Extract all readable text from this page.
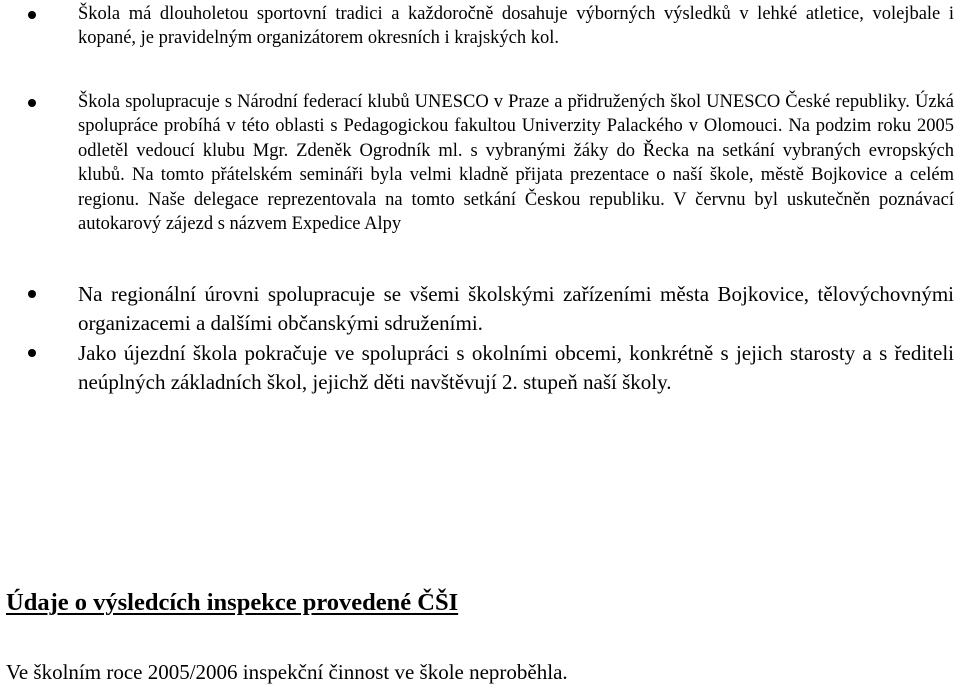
Škola má dlouholetou sportovní tradici a každoročně dosahuje výborných výsledků v lehké atletice, volejbale i kopané, je pravidelným organizátorem okresních i krajských kol.
Škola spolupracuje s Národní federací klubů UNESCO v Praze a přidružených škol UNESCO České republiky. Úzká spolupráce probíhá v této oblasti s Pedagogickou fakultou Univerzity Palackého v Olomouci. Na podzim roku 2005 odletěl vedoucí klubu Mgr. Zdeněk Ogrodník ml. s vybranými žáky do Řecka na setkání vybraných evropských klubů. Na tomto přátelském semináři byla velmi kladně přijata prezentace o naší škole, městě Bojkovice a celém regionu. Naše delegace reprezentovala na tomto setkání Českou republiku. V červnu byl uskutečněn poznávací autokarový zájezd s názvem Expedice Alpy
Na regionální úrovni spolupracuje se všemi školskými zařízeními města Bojkovice, tělovýchovnými organizacemi a dalšími občanskými sdruženími.
Jako újezdní škola pokračuje ve spolupráci s okolními obcemi, konkrétně s jejich starosty a s řediteli neúplných základních škol, jejichž děti navštěvují 2. stupeň naší školy.
Údaje o výsledcích inspekce provedené ČŠI

Ve školním roce 2005/2006 inspekční činnost ve škole neproběhla.
